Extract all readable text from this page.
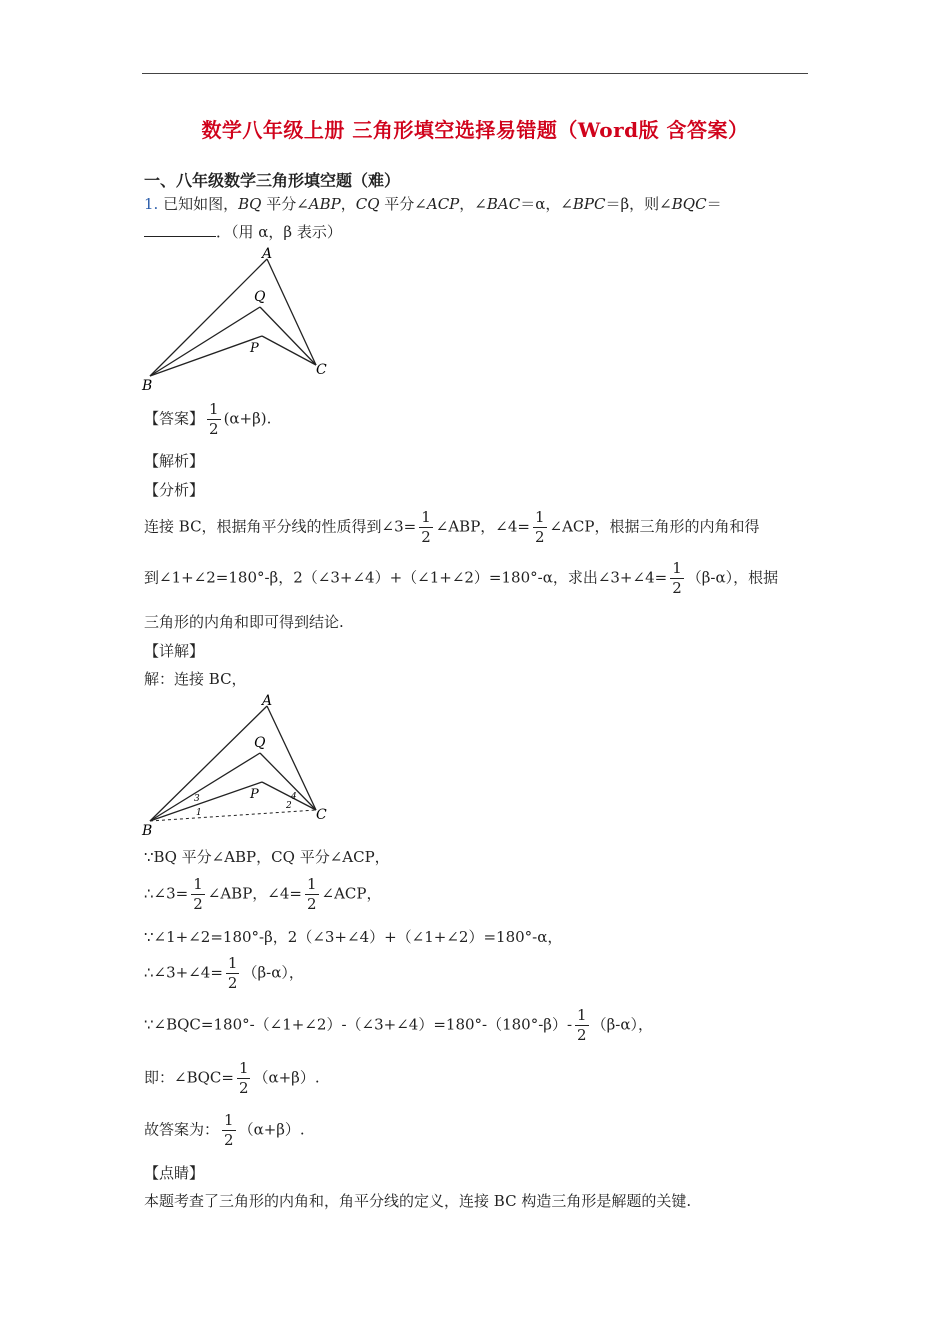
数学八年级上册 三角形填空选择易错题（Word版 含答案）
一、八年级数学三角形填空题（难）
1. 已知如图，BQ 平分∠ABP，CQ 平分∠ACP，∠BAC＝α，∠BPC＝β，则∠BQC＝
．（用 α，β 表示）
A
Q
P
B
C
【答案】 $\frac{1}{2} (\alpha+\beta)$.
【解析】
【分析】
连接 BC，根据角平分线的性质得到∠3= $\frac{1}{2}$ ∠ABP，∠4= $\frac{1}{2}$ ∠ACP，根据三角形的内角和得
到∠1+∠2=180°-β，2（∠3+∠4）+（∠1+∠2）=180°-α，求出∠3+∠4= $\frac{1}{2} (\beta-\alpha)$，根据
三角形的内角和即可得到结论.
【详解】
解：连接 BC，
A
Q
P
B
C
1
2
3	4
∵BQ 平分∠ABP，CQ 平分∠ACP，
∴∠3= $\frac{1}{2}$ ∠ABP，∠4= $\frac{1}{2}$ ∠ACP，
∵∠1+∠2=180°-β，2（∠3+∠4）+（∠1+∠2）=180°-α，
∴∠3+∠4= $\frac{1}{2} (\beta-\alpha)$，
∵∠BQC=180°-（∠1+∠2）-（∠3+∠4）=180°-（180°-β）- $\frac{1}{2} (\beta-\alpha)$，
即：∠BQC= $\frac{1}{2} (\alpha+\beta)$.
故答案为： $\frac{1}{2} (\alpha+\beta)$.
【点睛】
本题考查了三角形的内角和，角平分线的定义，连接 BC 构造三角形是解题的关键.
